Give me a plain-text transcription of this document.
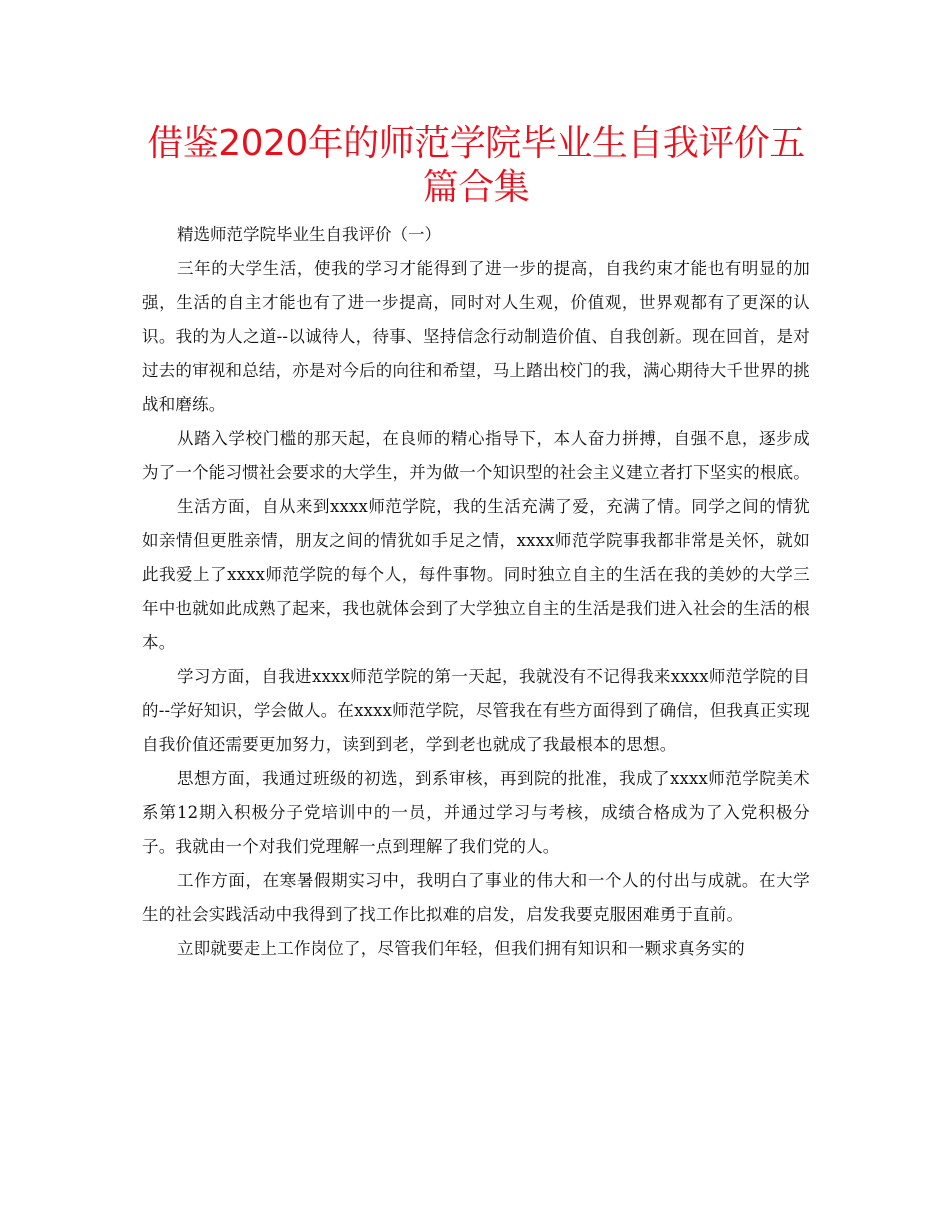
借鉴2020年的师范学院毕业生自我评价五篇合集

精选师范学院毕业生自我评价（一）

三年的大学生活，使我的学习才能得到了进一步的提高，自我约束才能也有明显的加强，生活的自主才能也有了进一步提高，同时对人生观，价值观，世界观都有了更深的认识。我的为人之道--以诚待人，待事、坚持信念行动制造价值、自我创新。现在回首，是对过去的审视和总结，亦是对今后的向往和希望，马上踏出校门的我，满心期待大千世界的挑战和磨练。

从踏入学校门槛的那天起，在良师的精心指导下，本人奋力拼搏，自强不息，逐步成为了一个能习惯社会要求的大学生，并为做一个知识型的社会主义建立者打下坚实的根底。

生活方面，自从来到xxxx师范学院，我的生活充满了爱，充满了情。同学之间的情犹如亲情但更胜亲情，朋友之间的情犹如手足之情，xxxx师范学院事我都非常是关怀，就如此我爱上了xxxx师范学院的每个人，每件事物。同时独立自主的生活在我的美妙的大学三年中也就如此成熟了起来，我也就体会到了大学独立自主的生活是我们进入社会的生活的根本。

学习方面，自我进xxxx师范学院的第一天起，我就没有不记得我来xxxx师范学院的目的--学好知识，学会做人。在xxxx师范学院，尽管我在有些方面得到了确信，但我真正实现自我价值还需要更加努力，读到到老，学到老也就成了我最根本的思想。

思想方面，我通过班级的初选，到系审核，再到院的批准，我成了xxxx师范学院美术系第12期入积极分子党培训中的一员，并通过学习与考核，成绩合格成为了入党积极分子。我就由一个对我们党理解一点到理解了我们党的人。

工作方面，在寒暑假期实习中，我明白了事业的伟大和一个人的付出与成就。在大学生的社会实践活动中我得到了找工作比拟难的启发，启发我要克服困难勇于直前。

立即就要走上工作岗位了，尽管我们年轻，但我们拥有知识和一颗求真务实的
